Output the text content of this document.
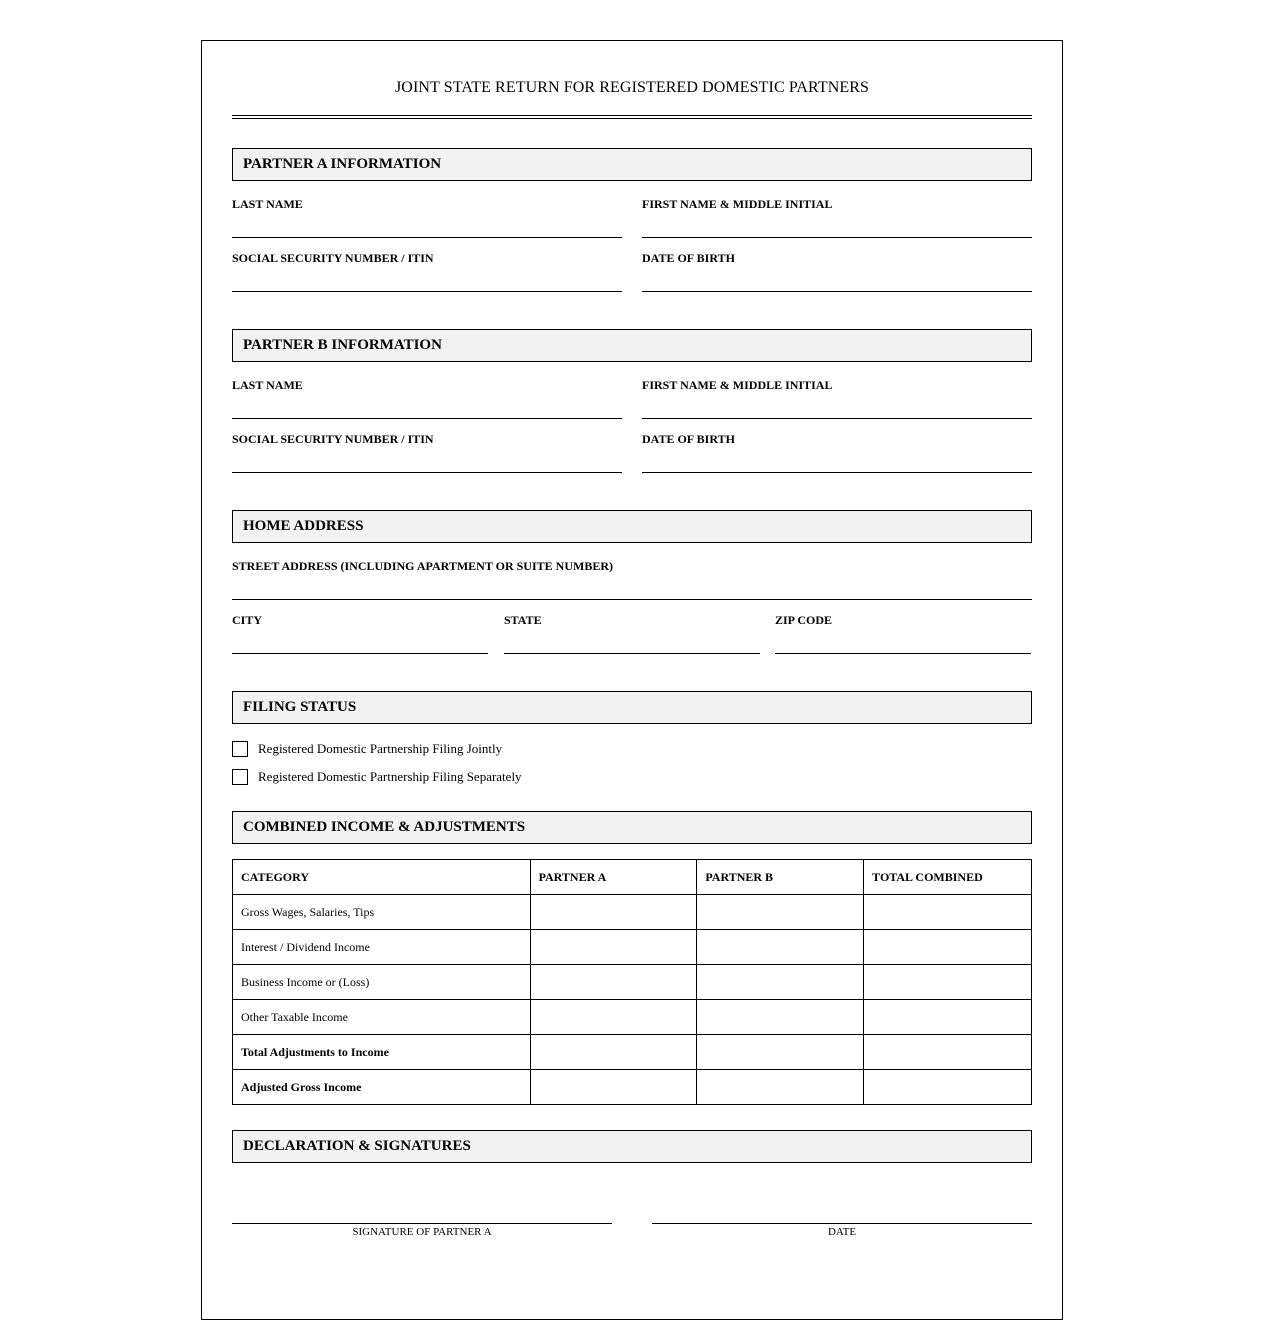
JOINT STATE RETURN FOR REGISTERED DOMESTIC PARTNERS
PARTNER A INFORMATION
LAST NAME	FIRST NAME & MIDDLE INITIAL
SOCIAL SECURITY NUMBER / ITIN	DATE OF BIRTH
PARTNER B INFORMATION
LAST NAME	FIRST NAME & MIDDLE INITIAL
SOCIAL SECURITY NUMBER / ITIN	DATE OF BIRTH
HOME ADDRESS
STREET ADDRESS (INCLUDING APARTMENT OR SUITE NUMBER)
CITY	STATE	ZIP CODE
FILING STATUS
Registered Domestic Partnership Filing Jointly
Registered Domestic Partnership Filing Separately
COMBINED INCOME & ADJUSTMENTS
CATEGORY	PARTNER A	PARTNER B	TOTAL COMBINED
Gross Wages, Salaries, Tips			
Interest / Dividend Income			
Business Income or (Loss)			
Other Taxable Income			
Total Adjustments to Income			
Adjusted Gross Income			
DECLARATION & SIGNATURES
SIGNATURE OF PARTNER A	DATE
